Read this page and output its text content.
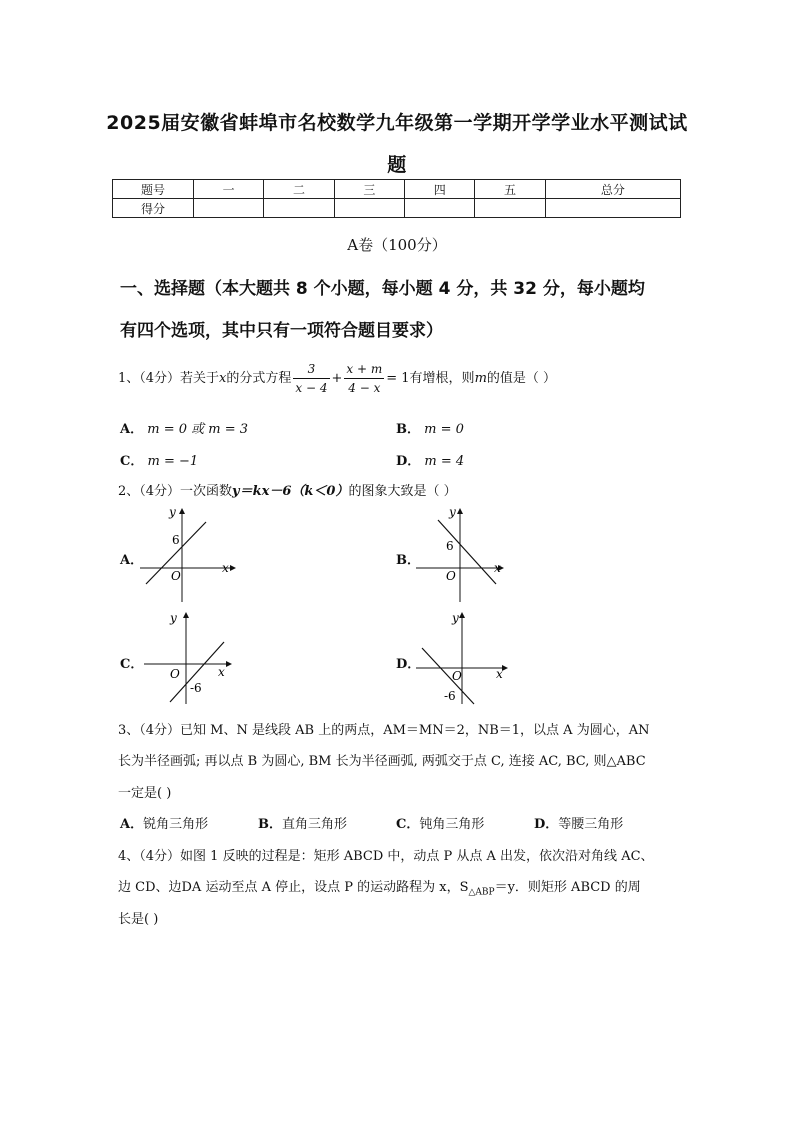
2025届安徽省蚌埠市名校数学九年级第一学期开学学业水平测试试
题
题号	一	二	三	四	五	总分
得分						
A卷（100分）
一、选择题（本大题共 8 个小题，每小题 4 分，共 32 分，每小题均
有四个选项，其中只有一项符合题目要求）
1、（4分）若关于x的分式方程 $\frac{3}{x - 4} + \frac{x + m}{4 - x} = 1$有增根，则m的值是（ ）
A． m = 0 或 m = 3	B． m = 0
C． m = −1	D． m = 4
2、（4分）一次函数y＝kx－6（k＜0）的图象大致是（ ）
A．
y
x
O
6
B．
y
x
O
6
C．
y
x
O
-6
D．
y
x
O
-6
3、（4分）已知 M、N 是线段 AB 上的两点，AM＝MN＝2，NB＝1，以点 A 为圆心，AN
长为半径画弧; 再以点 B 为圆心, BM 长为半径画弧, 两弧交于点 C, 连接 AC, BC, 则△ABC
一定是( )
A．锐角三角形	B．直角三角形	C．钝角三角形	D．等腰三角形
4、（4分）如图 1 反映的过程是：矩形 ABCD 中，动点 P 从点 A 出发，依次沿对角线 AC、
边 CD、边DA 运动至点 A 停止，设点 P 的运动路程为 x，$S_{\triangle ABP}=y$．则矩形 ABCD 的周
长是( )
